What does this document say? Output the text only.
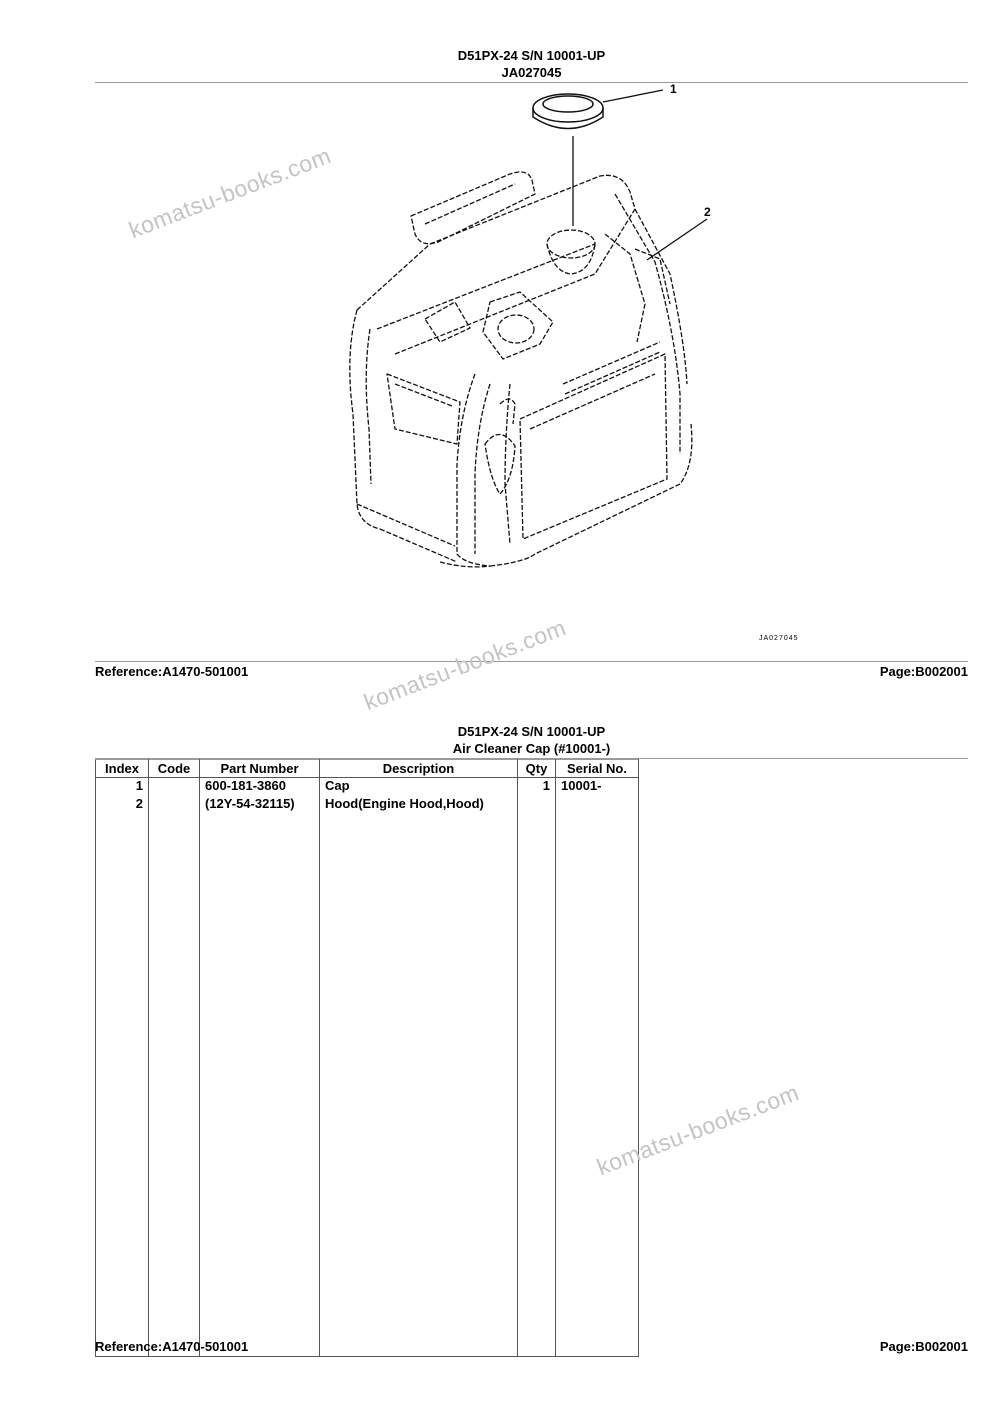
D51PX-24 S/N 10001-UP
JA027045
1
2
JA027045
Reference:A1470-501001	Page:B002001
D51PX-24 S/N 10001-UP
Air Cleaner Cap (#10001-)
Index	Code	Part Number	Description	Qty	Serial No.
1		600-181-3860	Cap	1	10001-
2		(12Y-54-32115)	Hood(Engine Hood,Hood)		

Reference:A1470-501001	Page:B002001
komatsu-books.com
komatsu-books.com
komatsu-books.com
